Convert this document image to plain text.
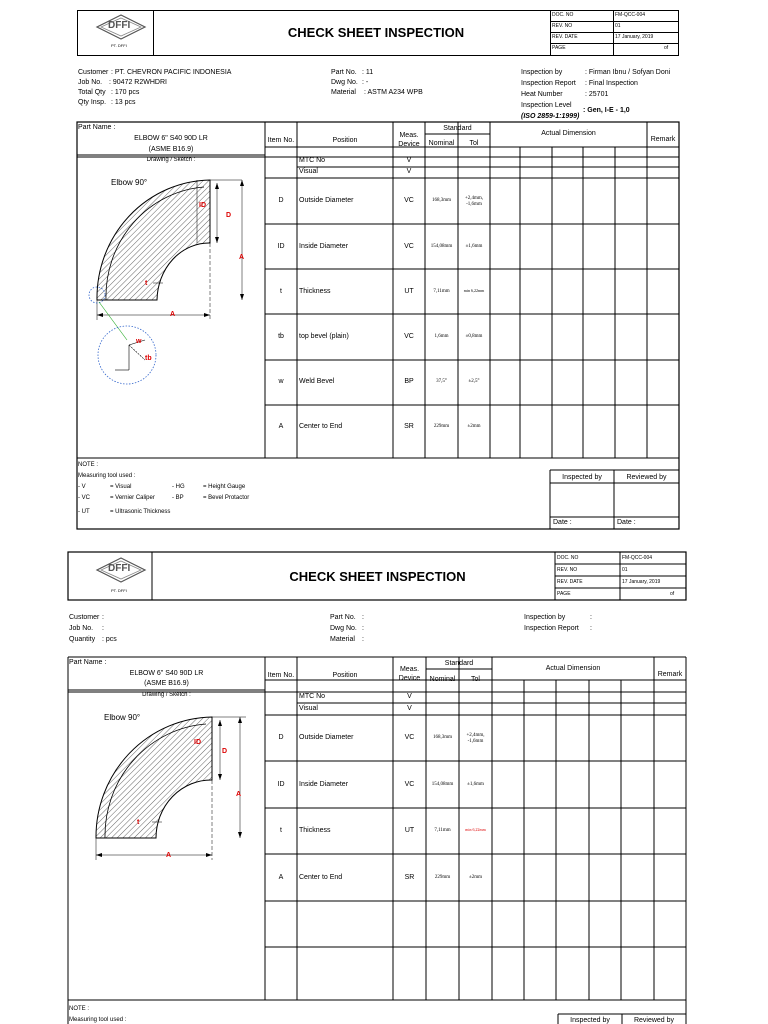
DFFI
PT. DFFI
CHECK SHEET INSPECTION
DOC. NO	FM-QCC-004
REV. NO	01
REV. DATE	17 January, 2019
PAGE	of
Customer : PT. CHEVRON PACIFIC INDONESIA
Job No. : 90472 R2WHDRI
Total Qty : 170 pcs
Qty Insp. : 13 pcs
Part No. : 11
Dwg No. : -
Material : ASTM A234 WPB
Inspection by	: Firman Ibnu / Sofyan Doni
Inspection Report : Final Inspection
Heat Number	: 25701
Inspection Level
: Gen, I-E - 1,0
(ISO 2859-1:1999)
Part Name :
ELBOW 6" S40 90D LR
(ASME B16.9)
Drawing / Sketch :
Item No.	Position
Meas.
Device
Standard
Nominal	Tol
Actual Dimension
Remark
MTC No	V
Visual	V
D	Outside Diameter	VC	168,3mm	+2,4mm,
-1,6mm
ID	Inside Diameter	VC	154,08mm	±1,6mm
t	Thickness	UT	7,11mm	min 6,22mm
tb	top bevel (plain)	VC	1,6mm	±0,8mm
w	Weld Bevel	BP	37,5°	±2,5°
A	Center to End	SR	229mm	±2mm
Elbow 90°
ID
D
A
t
A
w
tb
NOTE :
Measuring tool used :
- V	= Visual	- HG	= Height Gauge
- VC	= Vernier Caliper	- BP	= Bevel Protactor
- UT	= Ultrasonic Thickness
Inspected by	Reviewed by
Date :	Date :
DFFI
PT. DFFI
CHECK SHEET INSPECTION
DOC. NO	FM-QCC-004
REV. NO	01
REV. DATE	17 January, 2019
PAGE	of
Customer :
Job No. :
Quantity : pcs
Part No. :
Dwg No. :
Material :
Inspection by	:
Inspection Report :
Part Name :
ELBOW 6" S40 90D LR
(ASME B16.9)
Drawing / Sketch :
Item No.	Position
Meas.
Device
Standard
Nominal	Tol
Actual Dimension
Remark
MTC No	V
Visual	V
D	Outside Diameter	VC	168,3mm	+2,4mm,
-1,6mm
ID	Inside Diameter	VC	154,08mm	±1,6mm
t	Thickness	UT	7,11mm	min 6,22mm
A	Center to End	SR	229mm	±2mm
Elbow 90°
ID
D
A
t
A
NOTE :
Measuring tool used :	Inspected by	Reviewed by
